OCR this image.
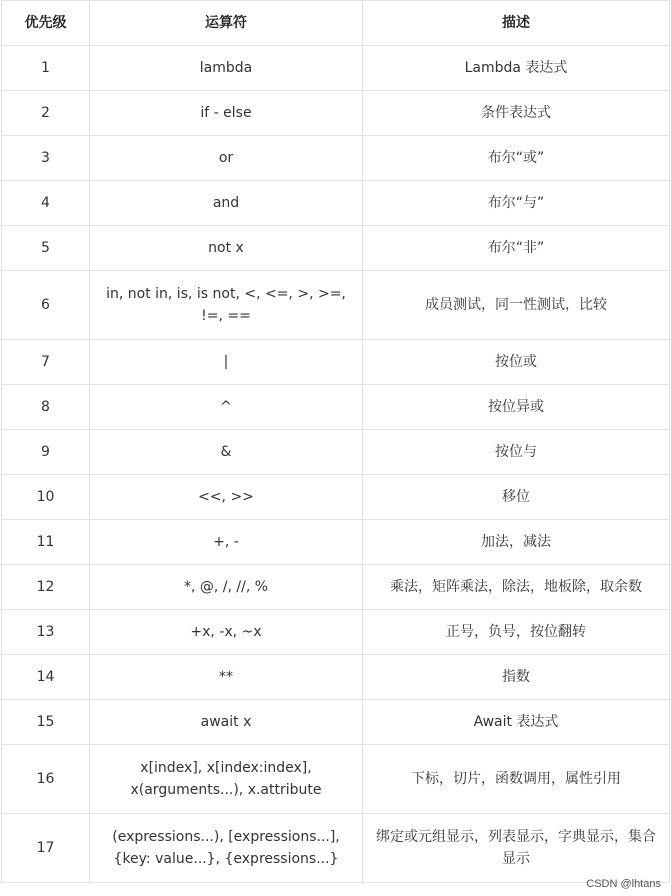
优先级	运算符	描述
1	lambda	Lambda 表达式
2	if - else	条件表达式
3	or	布尔“或”
4	and	布尔“与”
5	not x	布尔“非”
6	in, not in, is, is not, <, <=, >, >=, !=, ==	成员测试，同一性测试，比较
7	|	按位或
8	^	按位异或
9	&	按位与
10	<<, >>	移位
11	+, -	加法，减法
12	*, @, /, //, %	乘法，矩阵乘法，除法，地板除，取余数
13	+x, -x, ~x	正号，负号，按位翻转
14	**	指数
15	await x	Await 表达式
16	x[index], x[index:index], x(arguments...), x.attribute	下标，切片，函数调用，属性引用
17	(expressions...), [expressions...], {key: value...}, {expressions...}	绑定或元组显示，列表显示，字典显示，集合显示
CSDN @lhtans
